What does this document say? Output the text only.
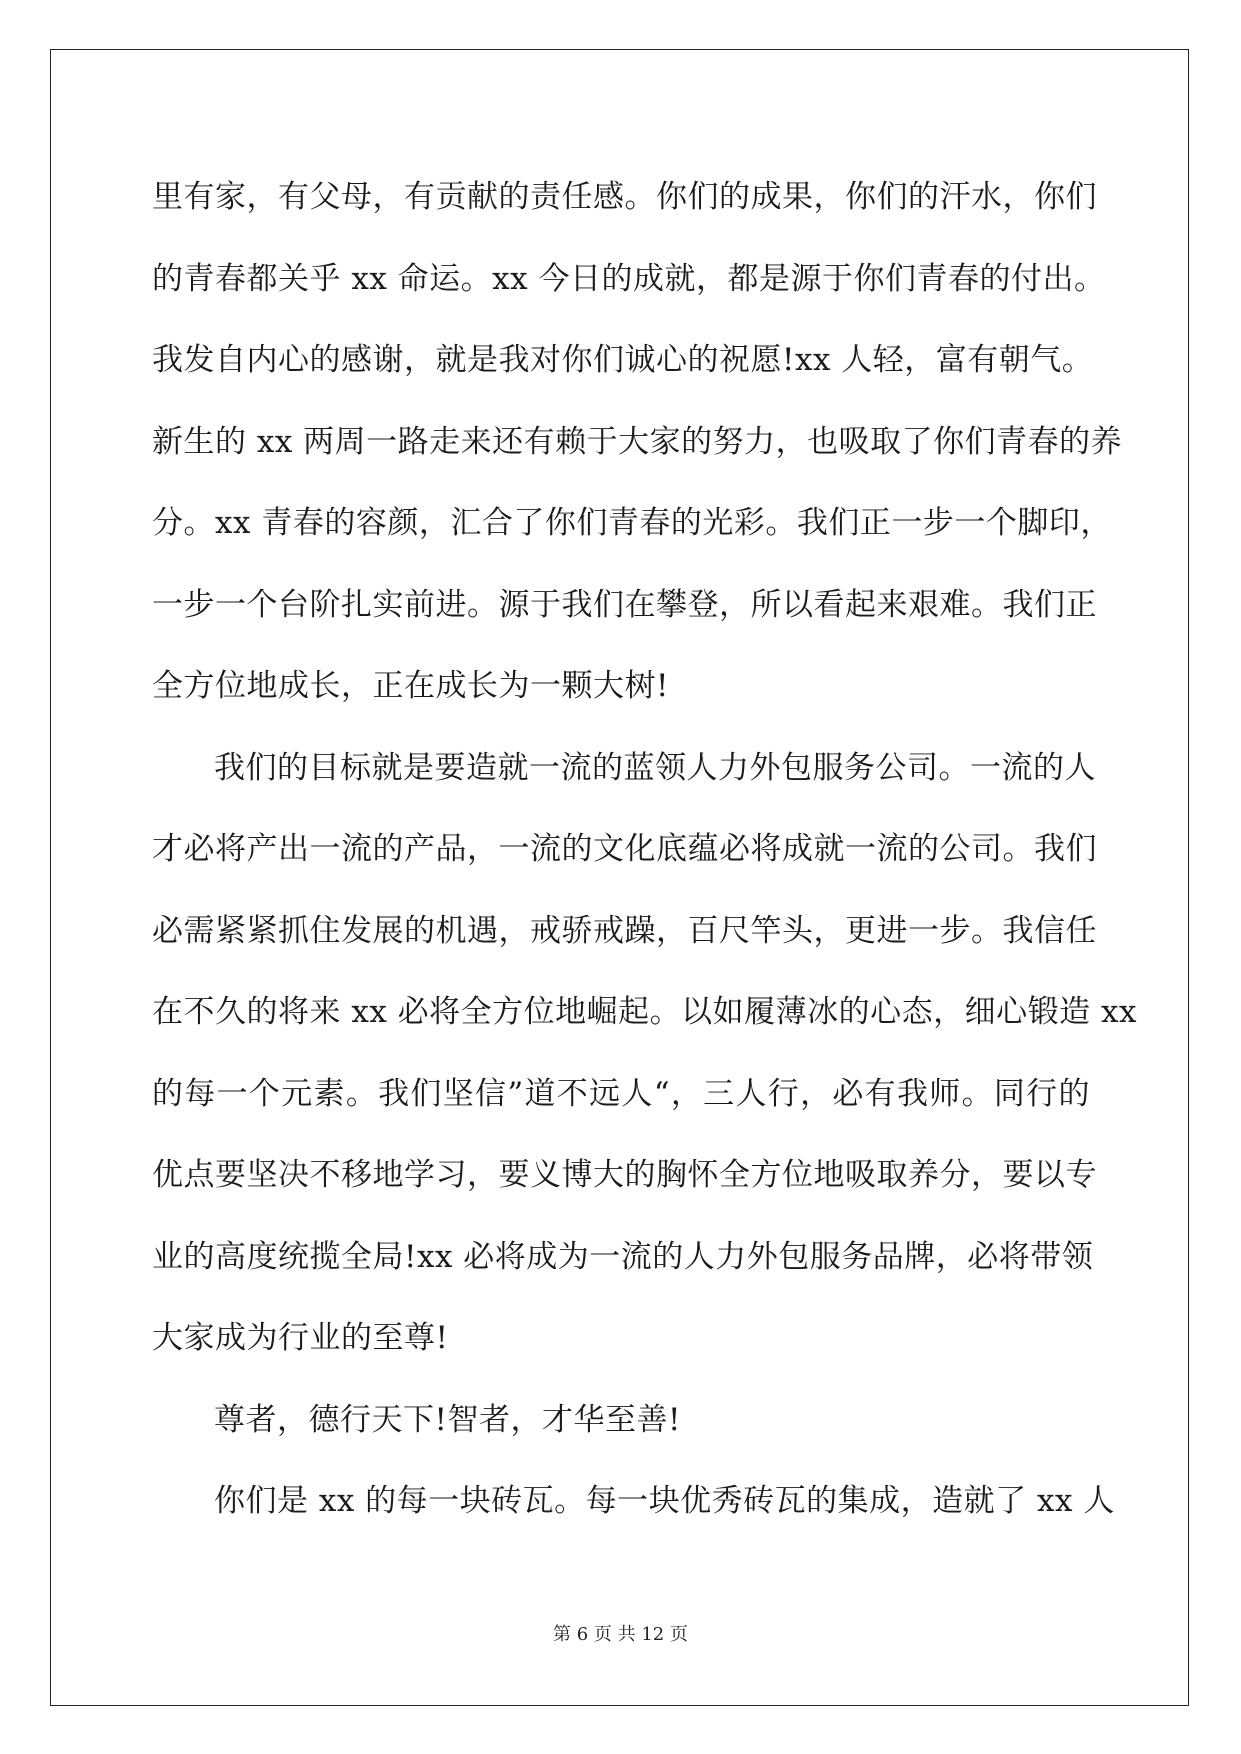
里有家，有父母，有贡献的责任感。你们的成果，你们的汗水，你们
的青春都关乎 xx 命运。xx 今日的成就，都是源于你们青春的付出。
我发自内心的感谢，就是我对你们诚心的祝愿!xx 人轻，富有朝气。
新生的 xx 两周一路走来还有赖于大家的努力，也吸取了你们青春的养
分。xx 青春的容颜，汇合了你们青春的光彩。我们正一步一个脚印，
一步一个台阶扎实前进。源于我们在攀登，所以看起来艰难。我们正
全方位地成长，正在成长为一颗大树!
我们的目标就是要造就一流的蓝领人力外包服务公司。一流的人
才必将产出一流的产品，一流的文化底蕴必将成就一流的公司。我们
必需紧紧抓住发展的机遇，戒骄戒躁，百尺竿头，更进一步。我信任
在不久的将来 xx 必将全方位地崛起。以如履薄冰的心态，细心锻造 xx
的每一个元素。我们坚信”道不远人“，三人行，必有我师。同行的
优点要坚决不移地学习，要义博大的胸怀全方位地吸取养分，要以专
业的高度统揽全局!xx 必将成为一流的人力外包服务品牌，必将带领
大家成为行业的至尊!
尊者，德行天下!智者，才华至善!
你们是 xx 的每一块砖瓦。每一块优秀砖瓦的集成，造就了 xx 人
第 6 页 共 12 页
